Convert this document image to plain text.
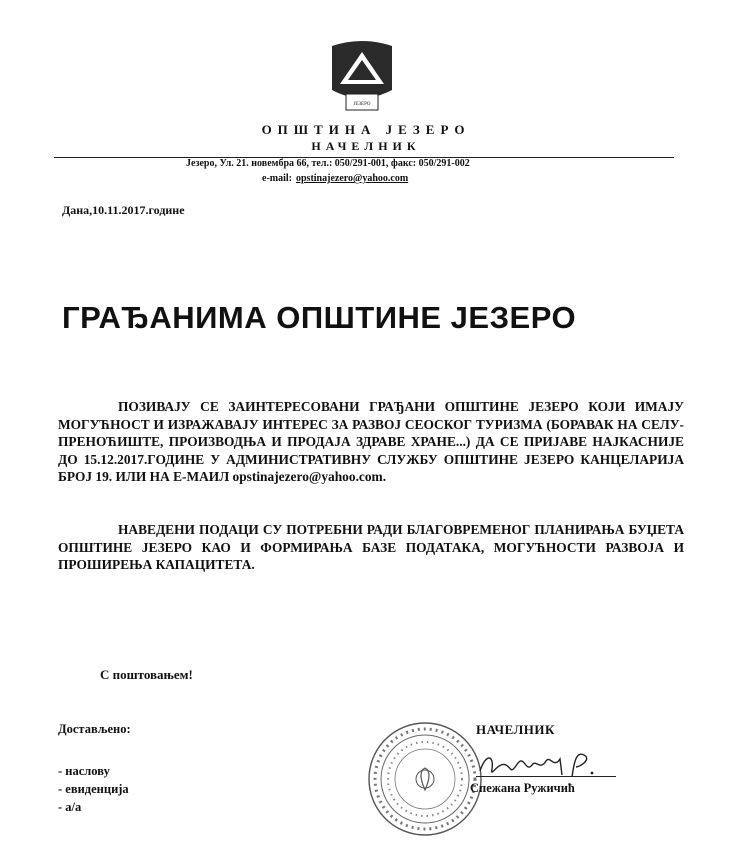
ЈЕЗЕРО
ОПШТИНА ЈЕЗЕРО
НАЧЕЛНИК
Језеро, Ул. 21. новембра 66, тел.: 050/291-001, факс: 050/291-002
e-mail: opstinajezero@yahoo.com
Дана,10.11.2017.године
ГРАЂАНИМА ОПШТИНЕ ЈЕЗЕРО
ПОЗИВАЈУ СЕ ЗАИНТЕРЕСОВАНИ ГРАЂАНИ ОПШТИНЕ ЈЕЗЕРО КОЈИ ИМАЈУ МОГУЋНОСТ И ИЗРАЖАВАЈУ ИНТЕРЕС ЗА РАЗВОЈ СЕОСКОГ ТУРИЗМА (БОРАВАК НА СЕЛУ-ПРЕНОЋИШТЕ, ПРОИЗВОДЊА И ПРОДАЈА ЗДРАВЕ ХРАНЕ...) ДА СЕ ПРИЈАВЕ НАЈКАСНИЈЕ ДО 15.12.2017.ГОДИНЕ У АДМИНИСТРАТИВНУ СЛУЖБУ ОПШТИНЕ ЈЕЗЕРО КАНЦЕЛАРИЈА БРОЈ 19. ИЛИ НА Е-МАИЛ opstinajezero@yahoo.com.
НАВЕДЕНИ ПОДАЦИ СУ ПОТРЕБНИ РАДИ БЛАГОВРЕМЕНОГ ПЛАНИРАЊА БУЏЕТА ОПШТИНЕ ЈЕЗЕРО КАО И ФОРМИРАЊА БАЗЕ ПОДАТАКА, МОГУЋНОСТИ РАЗВОЈА И ПРОШИРЕЊА КАПАЦИТЕТА.
С поштовањем!
Достављено:
- наслову
- евиденција
- а/а
НАЧЕЛНИК
Спежана Ружичић
